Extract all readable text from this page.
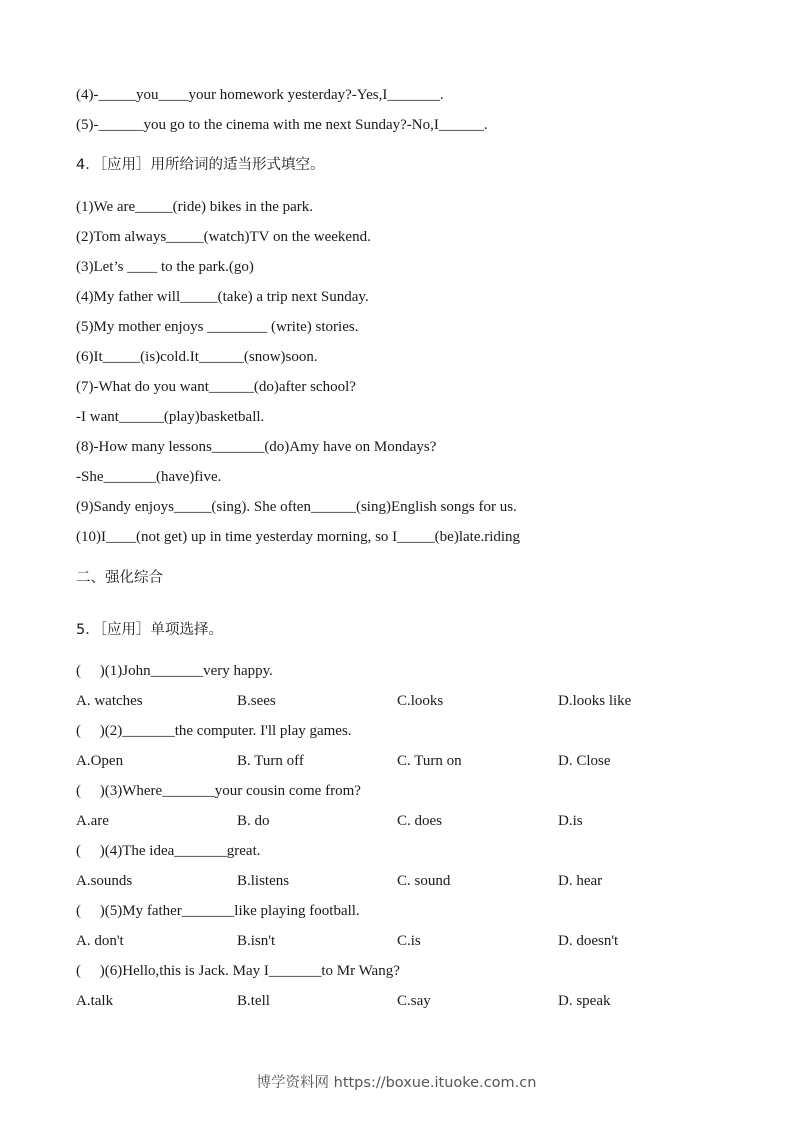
(4)-_____you____your homework yesterday?-Yes,I_______.
(5)-______you go to the cinema with me next Sunday?-No,I______.
4．［应用］用所给词的适当形式填空。
(1)We are_____(ride) bikes in the park.
(2)Tom always_____(watch)TV on the weekend.
(3)Let’s ____ to the park.(go)
(4)My father will_____(take) a trip next Sunday.
(5)My mother enjoys ________ (write) stories.
(6)It_____(is)cold.It______(snow)soon.
(7)-What do you want______(do)after school?
-I want______(play)basketball.
(8)-How many lessons_______(do)Amy have on Mondays?
-She_______(have)five.
(9)Sandy enjoys_____(sing). She often______(sing)English songs for us.
(10)I____(not get) up in time yesterday morning, so I_____(be)late.riding
二、强化综合
5．［应用］单项选择。
(     )(1)John_______very happy.
A. watches	B.sees	C.looks	D.looks like
(     )(2)_______the computer. I'll play games.
A.Open	B. Turn off	C. Turn on	D. Close
(     )(3)Where_______your cousin come from?
A.are	B. do	C. does	D.is
(     )(4)The idea_______great.
A.sounds	B.listens	C. sound	D. hear
(     )(5)My father_______like playing football.
A. don't	B.isn't	C.is	D. doesn't
(     )(6)Hello,this is Jack. May I_______to Mr Wang?
A.talk	B.tell	C.say	D. speak
博学资料网 https://boxue.ituoke.com.cn
